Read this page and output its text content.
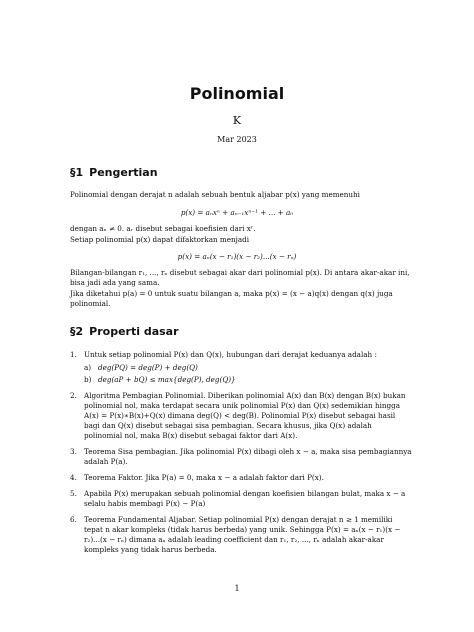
Polinomial
K
Mar 2023
§1 Pengertian
Polinomial dengan derajat n adalah sebuah bentuk aljabar p(x) yang memenuhi
p(x) = aₙxⁿ + aₙ₋₁xⁿ⁻¹ + ... + a₀
dengan aₙ ≠ 0. aᵣ disebut sebagai koefisien dari xʳ.
Setiap polinomial p(x) dapat difaktorkan menjadi
p(x) = aₙ(x − r₁)(x − r₂)...(x − rₙ)
Bilangan-bilangan r₁, ..., rₙ disebut sebagai akar dari polinomial p(x). Di antara akar-akar ini, bisa jadi ada yang sama.
Jika diketahui p(a) = 0 untuk suatu bilangan a, maka p(x) = (x − a)q(x) dengan q(x) juga polinomial.
§2 Properti dasar
1. Untuk setiap polinomial P(x) dan Q(x), hubungan dari derajat keduanya adalah :
a) deg(PQ) = deg(P) + deg(Q)
b) deg(aP + bQ) ≤ max{deg(P), deg(Q)}
2. Algoritma Pembagian Polinomial. Diberikan polinomial A(x) dan B(x) dengan B(x) bukan polinomial nol, maka terdapat secara unik polinomial P(x) dan Q(x) sedemikian hingga A(x) = P(x)∗B(x)+Q(x) dimana deg(Q) < deg(B). Polinomial P(x) disebut sebagai hasil bagi dan Q(x) disebut sebagai sisa pembagian. Secara khusus, jika Q(x) adalah polinomial nol, maka B(x) disebut sebagai faktor dari A(x).
3. Teorema Sisa pembagian. Jika polinomial P(x) dibagi oleh x − a, maka sisa pembagiannya adalah P(a).
4. Teorema Faktor. Jika P(a) = 0, maka x − a adalah faktor dari P(x).
5. Apabila P(x) merupakan sebuah polinomial dengan koefisien bilangan bulat, maka x − a selalu habis membagi P(x) − P(a)
6. Teorema Fundamental Aljabar. Setiap polinomial P(x) dengan derajat n ≥ 1 memiliki tepat n akar kompleks (tidak harus berbeda) yang unik. Sehingga P(x) = aₙ(x − r₁)(x − r₂)...(x − rₙ) dimana aₙ adalah leading coefficient dan r₁, r₂, ..., rₙ adalah akar-akar kompleks yang tidak harus berbeda.
1
